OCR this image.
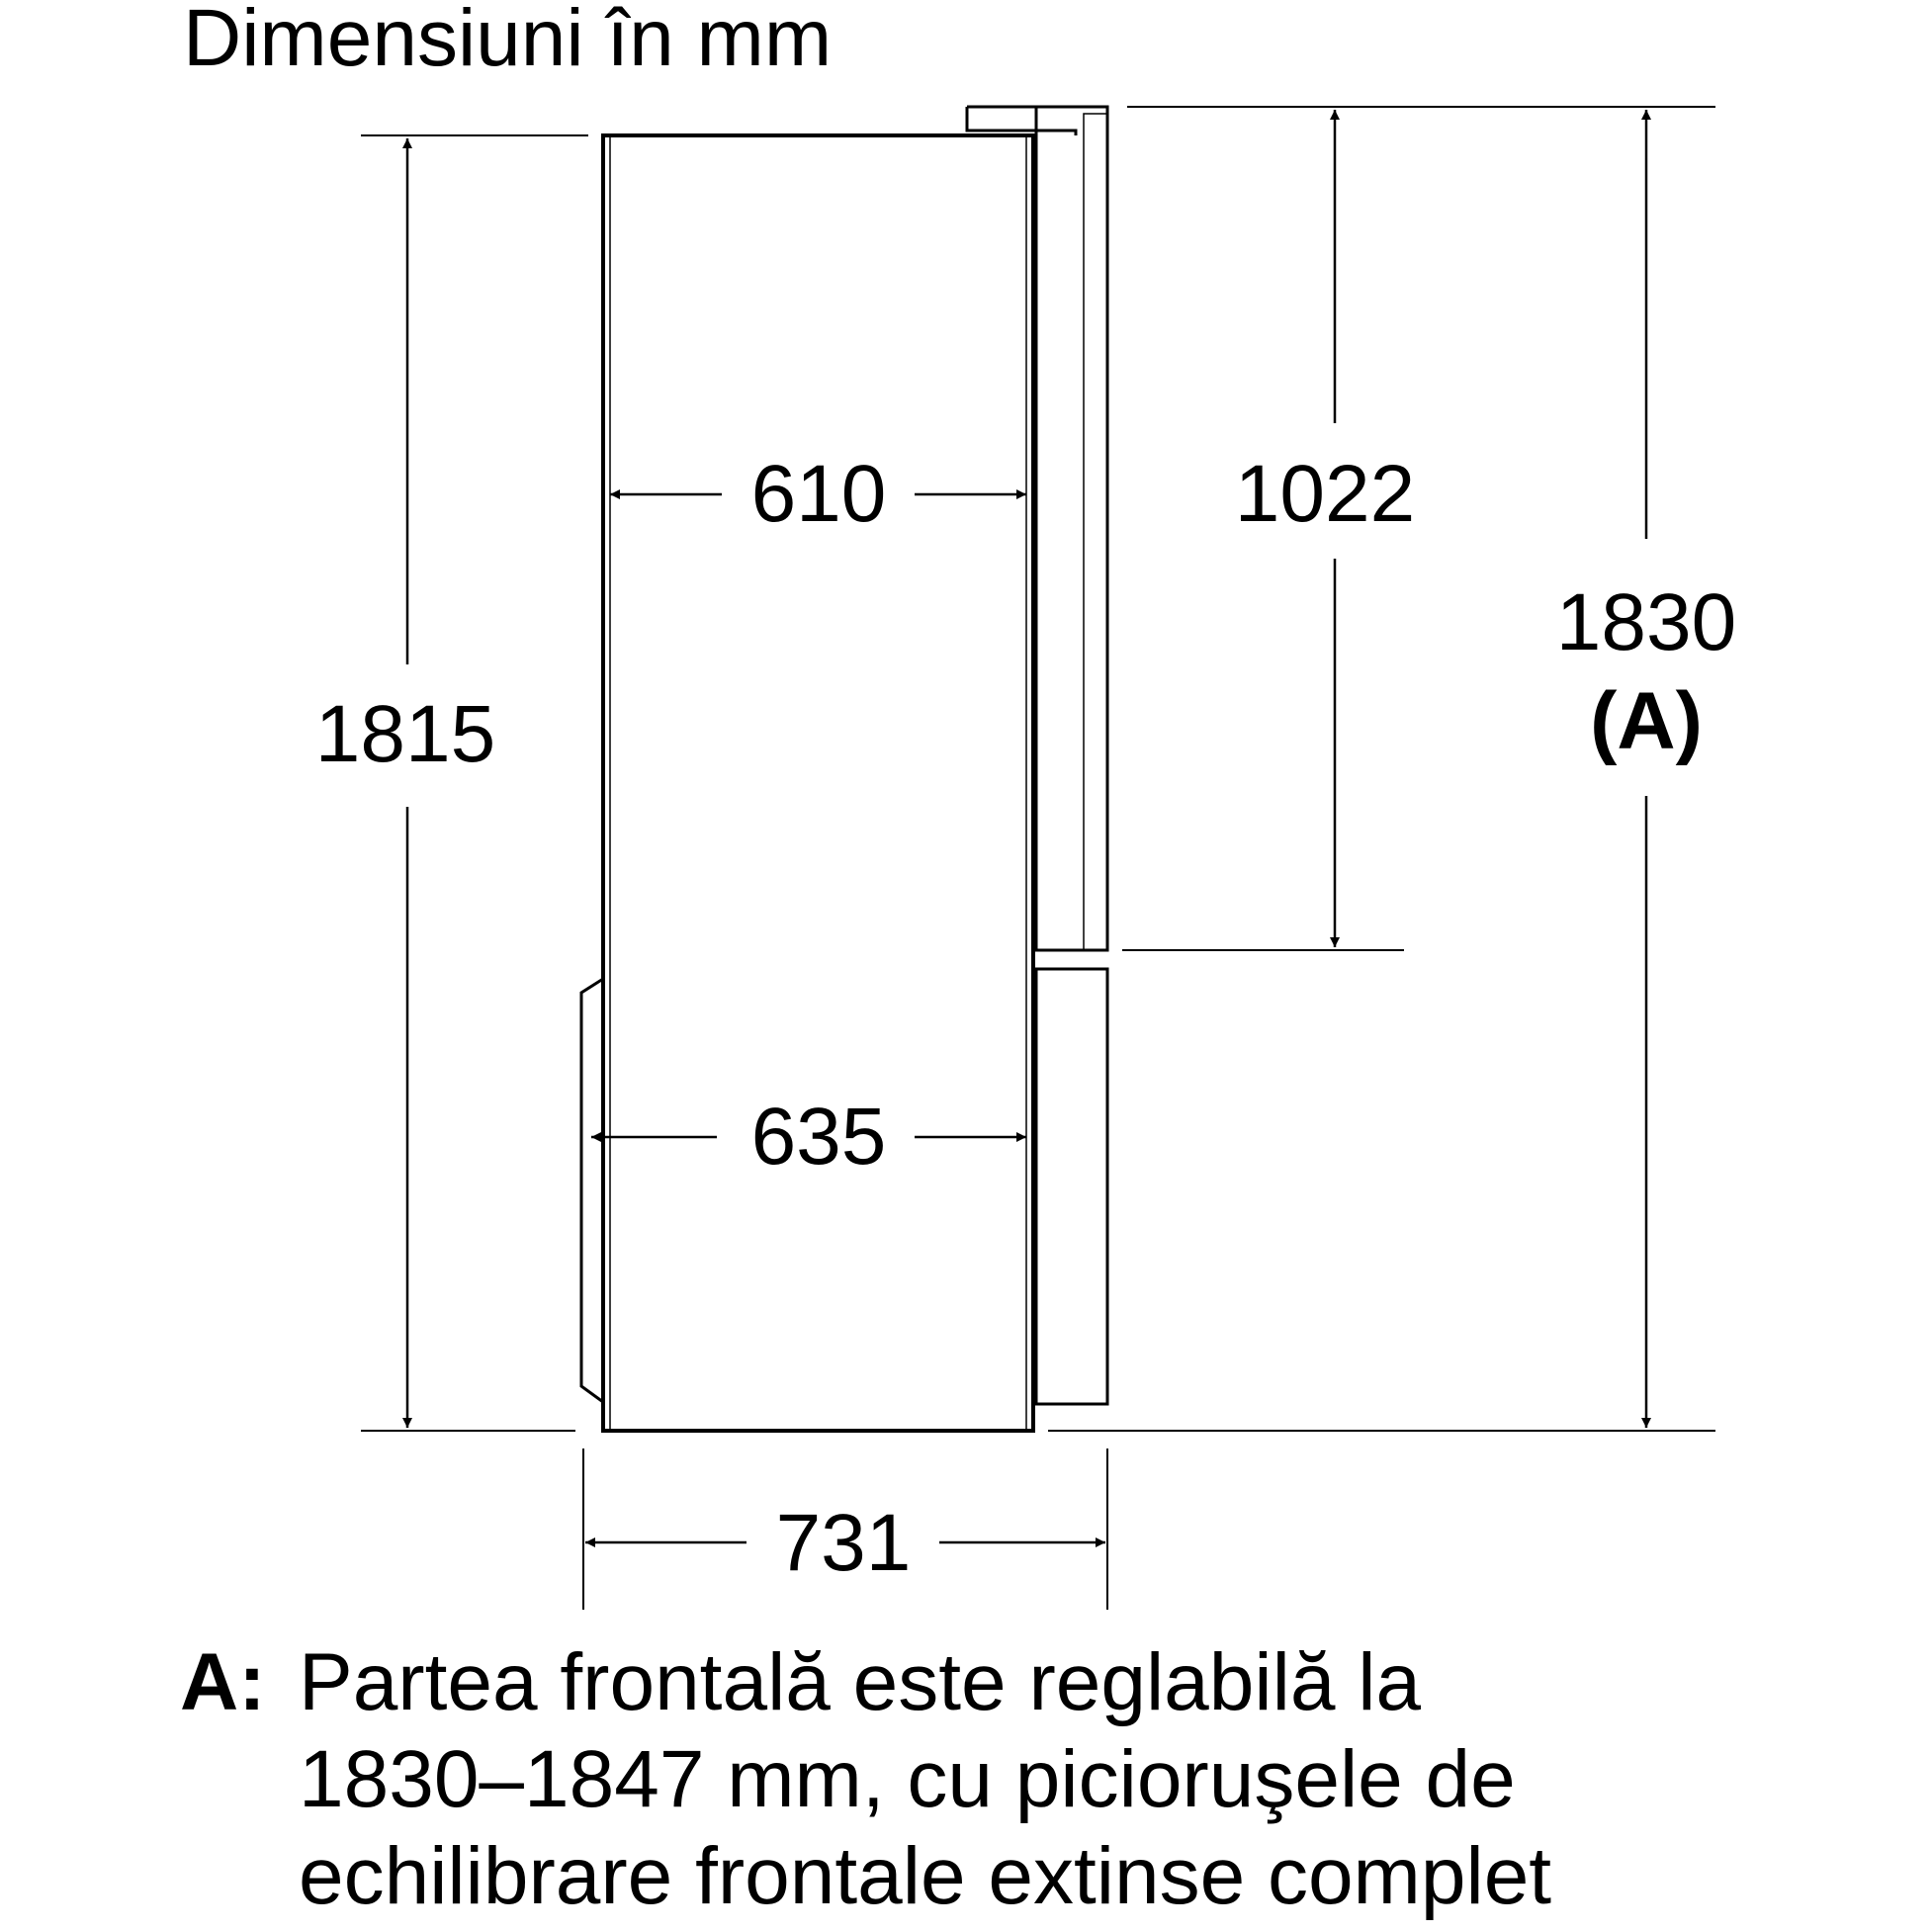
Dimensiuni în mm
610
635
731
1815
1022
1830
(A)
A: Partea frontală este reglabilă la
1830–1847 mm, cu picioruşele de
echilibrare frontale extinse complet
